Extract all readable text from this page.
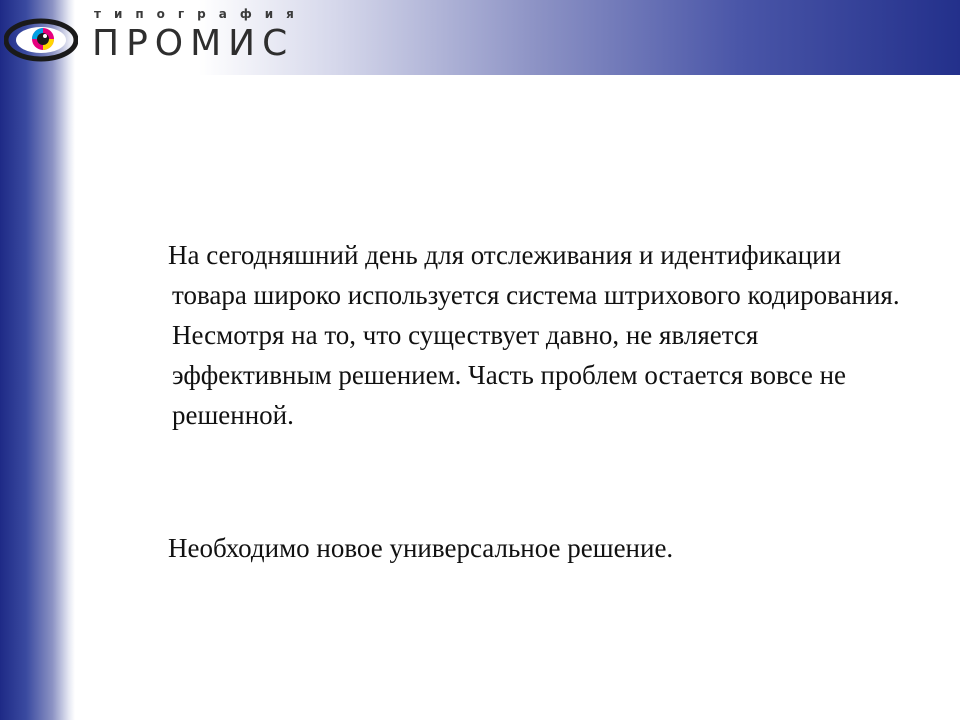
типография
ПРОМИС

На сегодняшний день для отслеживания и идентификации товара широко используется система штрихового кодирования. Несмотря на то, что существует давно, не является эффективным решением. Часть проблем остается вовсе не решенной.

Необходимо новое универсальное решение.
